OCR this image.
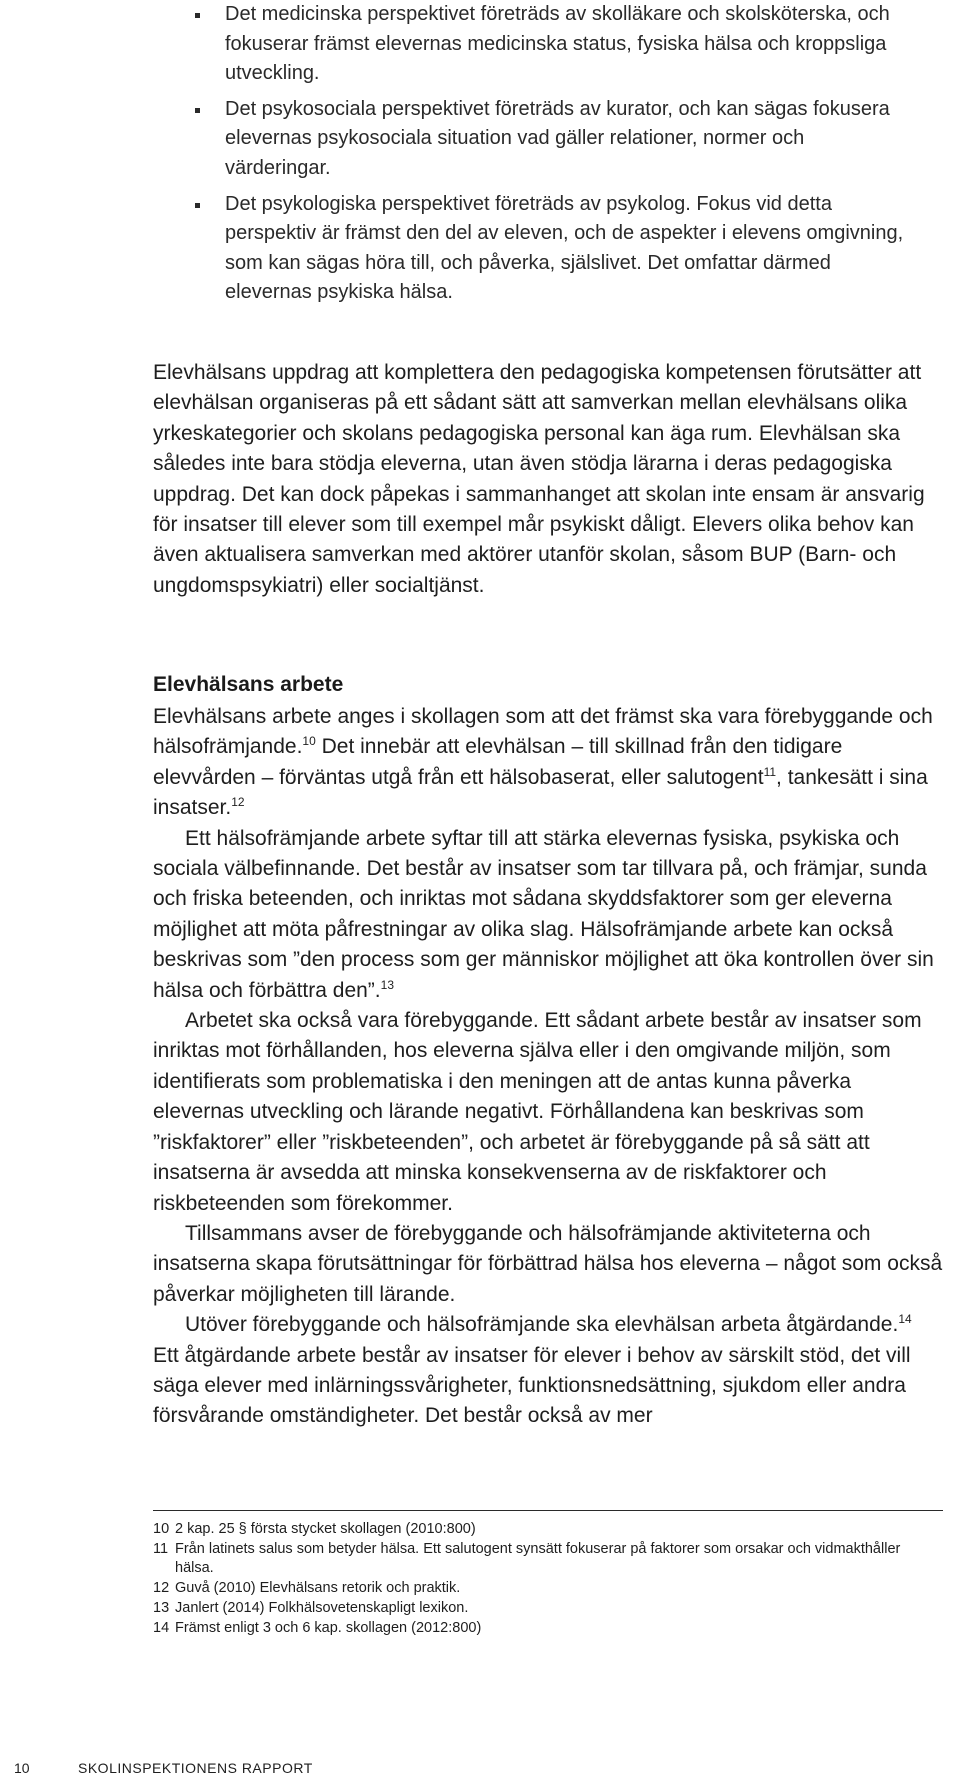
Det medicinska perspektivet företräds av skolläkare och skolsköterska, och fokuserar främst elevernas medicinska status, fysiska hälsa och kroppsliga utveckling.
Det psykosociala perspektivet företräds av kurator, och kan sägas fokusera elevernas psykosociala situation vad gäller relationer, normer och värderingar.
Det psykologiska perspektivet företräds av psykolog. Fokus vid detta perspektiv är främst den del av eleven, och de aspekter i elevens omgivning, som kan sägas höra till, och påverka, själslivet. Det omfattar därmed elevernas psykiska hälsa.

Elevhälsans uppdrag att komplettera den pedagogiska kompetensen förutsätter att elevhälsan organiseras på ett sådant sätt att samverkan mellan elevhälsans olika yrkeskategorier och skolans pedagogiska personal kan äga rum. Elevhälsan ska således inte bara stödja eleverna, utan även stödja lärarna i deras pedagogiska uppdrag. Det kan dock påpekas i sammanhanget att skolan inte ensam är ansvarig för insatser till elever som till exempel mår psykiskt dåligt. Elevers olika behov kan även aktualisera samverkan med aktörer utanför skolan, såsom BUP (Barn- och ungdomspsykiatri) eller socialtjänst.

Elevhälsans arbete

Elevhälsans arbete anges i skollagen som att det främst ska vara förebyggande och hälsofrämjande.$^{10}$ Det innebär att elevhälsan – till skillnad från den tidigare elevvården – förväntas utgå från ett hälsobaserat, eller salutogent$^{11}$, tankesätt i sina insatser.$^{12}$

Ett hälsofrämjande arbete syftar till att stärka elevernas fysiska, psykiska och sociala välbefinnande. Det består av insatser som tar tillvara på, och främjar, sunda och friska beteenden, och inriktas mot sådana skyddsfaktorer som ger eleverna möjlighet att möta påfrestningar av olika slag. Hälsofrämjande arbete kan också beskrivas som ”den process som ger människor möjlighet att öka kontrollen över sin hälsa och förbättra den”.$^{13}$

Arbetet ska också vara förebyggande. Ett sådant arbete består av insatser som inriktas mot förhållanden, hos eleverna själva eller i den omgivande miljön, som identifierats som problematiska i den meningen att de antas kunna påverka elevernas utveckling och lärande negativt. Förhållandena kan beskrivas som ”riskfaktorer” eller ”riskbeteenden”, och arbetet är förebyggande på så sätt att insatserna är avsedda att minska konsekvenserna av de riskfaktorer och riskbeteenden som förekommer.

Tillsammans avser de förebyggande och hälsofrämjande aktiviteterna och insatserna skapa förutsättningar för förbättrad hälsa hos eleverna – något som också påverkar möjligheten till lärande.

Utöver förebyggande och hälsofrämjande ska elevhälsan arbeta åtgärdande.$^{14}$ Ett åtgärdande arbete består av insatser för elever i behov av särskilt stöd, det vill säga elever med inlärningssvårigheter, funktionsnedsättning, sjukdom eller andra försvårande omständigheter. Det består också av mer

10 2 kap. 25 § första stycket skollagen (2010:800)
11 Från latinets salus som betyder hälsa. Ett salutogent synsätt fokuserar på faktorer som orsakar och vidmakthåller hälsa.
12 Guvå (2010) Elevhälsans retorik och praktik.
13 Janlert (2014) Folkhälsovetenskapligt lexikon.
14 Främst enligt 3 och 6 kap. skollagen (2012:800)
10	SKOLINSPEKTIONENS RAPPORT
